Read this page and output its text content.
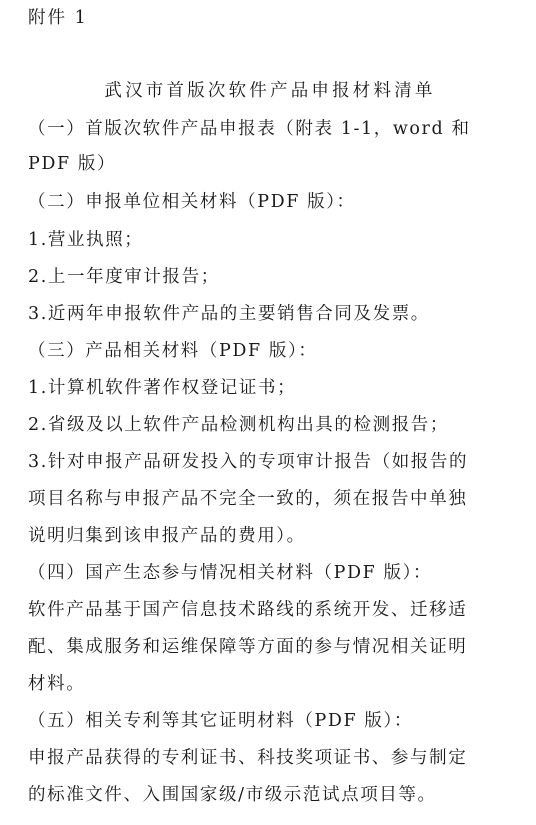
附件 1
武汉市首版次软件产品申报材料清单
（一）首版次软件产品申报表（附表 1-1，word 和
PDF 版）
（二）申报单位相关材料（PDF 版）：
1.营业执照；
2.上一年度审计报告；
3.近两年申报软件产品的主要销售合同及发票。
（三）产品相关材料（PDF 版）：
1.计算机软件著作权登记证书；
2.省级及以上软件产品检测机构出具的检测报告；
3.针对申报产品研发投入的专项审计报告（如报告的
项目名称与申报产品不完全一致的，须在报告中单独
说明归集到该申报产品的费用）。
（四）国产生态参与情况相关材料（PDF 版）：
软件产品基于国产信息技术路线的系统开发、迁移适
配、集成服务和运维保障等方面的参与情况相关证明
材料。
（五）相关专利等其它证明材料（PDF 版）：
申报产品获得的专利证书、科技奖项证书、参与制定
的标准文件、入围国家级/市级示范试点项目等。
